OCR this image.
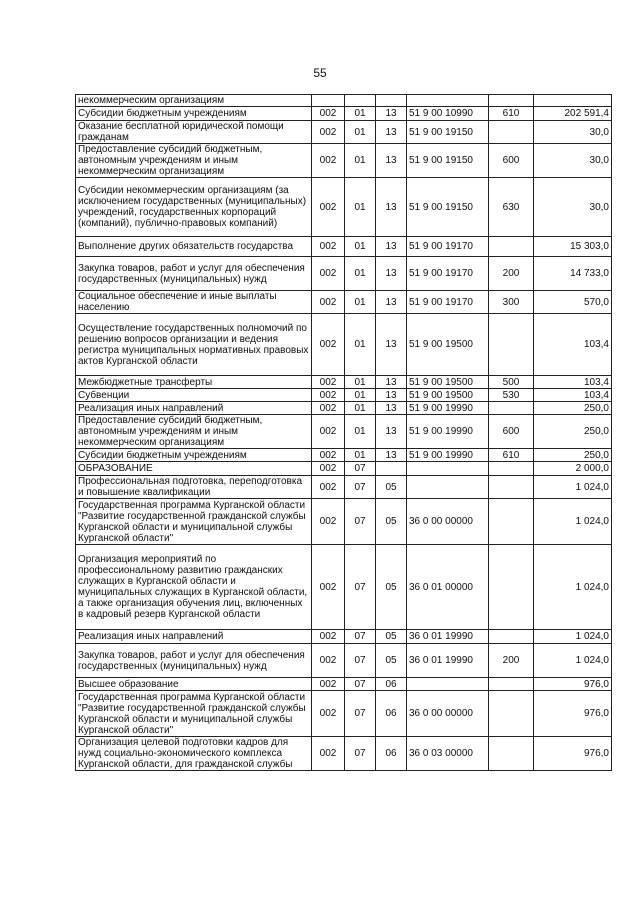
55
некоммерческим организациям						
Субсидии бюджетным учреждениям	002	01	13	51 9 00 10990	610	202 591,4
Оказание бесплатной юридической помощи гражданам	002	01	13	51 9 00 19150		30,0
Предоставление субсидий бюджетным, автономным учреждениям и иным некоммерческим организациям	002	01	13	51 9 00 19150	600	30,0
Субсидии некоммерческим организациям (за исключением государственных (муниципальных) учреждений, государственных корпораций (компаний), публично-правовых компаний)	002	01	13	51 9 00 19150	630	30,0
Выполнение других обязательств государства	002	01	13	51 9 00 19170		15 303,0
Закупка товаров, работ и услуг для обеспечения государственных (муниципальных) нужд	002	01	13	51 9 00 19170	200	14 733,0
Социальное обеспечение и иные выплаты населению	002	01	13	51 9 00 19170	300	570,0
Осуществление государственных полномочий по решению вопросов организации и ведения регистра муниципальных нормативных правовых актов Курганской области	002	01	13	51 9 00 19500		103,4
Межбюджетные трансферты	002	01	13	51 9 00 19500	500	103,4
Субвенции	002	01	13	51 9 00 19500	530	103,4
Реализация иных направлений	002	01	13	51 9 00 19990		250,0
Предоставление субсидий бюджетным, автономным учреждениям и иным некоммерческим организациям	002	01	13	51 9 00 19990	600	250,0
Субсидии бюджетным учреждениям	002	01	13	51 9 00 19990	610	250,0
ОБРАЗОВАНИЕ	002	07				2 000,0
Профессиональная подготовка, переподготовка и повышение квалификации	002	07	05			1 024,0
Государственная программа Курганской области "Развитие государственной гражданской службы Курганской области и муниципальной службы Курганской области"	002	07	05	36 0 00 00000		1 024,0
Организация мероприятий по профессиональному развитию гражданских служащих в Курганской области и муниципальных служащих в Курганской области, а также организация обучения лиц, включенных в кадровый резерв Курганской области	002	07	05	36 0 01 00000		1 024,0
Реализация иных направлений	002	07	05	36 0 01 19990		1 024,0
Закупка товаров, работ и услуг для обеспечения государственных (муниципальных) нужд	002	07	05	36 0 01 19990	200	1 024,0
Высшее образование	002	07	06			976,0
Государственная программа Курганской области "Развитие государственной гражданской службы Курганской области и муниципальной службы Курганской области"	002	07	06	36 0 00 00000		976,0
Организация целевой подготовки кадров для нужд социально-экономического комплекса Курганской области, для гражданской службы	002	07	06	36 0 03 00000		976,0
